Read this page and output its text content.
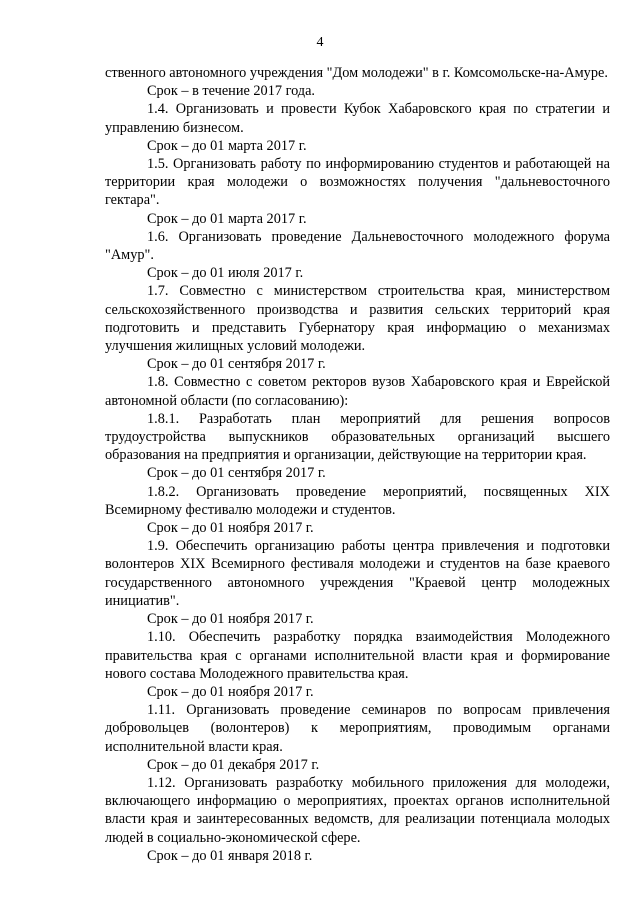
4

ственного автономного учреждения "Дом молодежи" в г. Комсомольске-на-Амуре.

Срок – в течение 2017 года.

1.4. Организовать и провести Кубок Хабаровского края по стратегии и управлению бизнесом.

Срок – до 01 марта 2017 г.

1.5. Организовать работу по информированию студентов и работающей на территории края молодежи о возможностях получения "дальневосточного гектара".

Срок – до 01 марта 2017 г.

1.6. Организовать проведение Дальневосточного молодежного форума "Амур".

Срок – до 01 июля 2017 г.

1.7. Совместно с министерством строительства края, министерством сельскохозяйственного производства и развития сельских территорий края подготовить и представить Губернатору края информацию о механизмах улучшения жилищных условий молодежи.

Срок – до 01 сентября 2017 г.

1.8. Совместно с советом ректоров вузов Хабаровского края и Еврейской автономной области (по согласованию):

1.8.1. Разработать план мероприятий для решения вопросов трудоустройства выпускников образовательных организаций высшего образования на предприятия и организации, действующие на территории края.

Срок – до 01 сентября 2017 г.

1.8.2. Организовать проведение мероприятий, посвященных XIX Всемирному фестивалю молодежи и студентов.

Срок – до 01 ноября 2017 г.

1.9. Обеспечить организацию работы центра привлечения и подготовки волонтеров XIX Всемирного фестиваля молодежи и студентов на базе краевого государственного автономного учреждения "Краевой центр молодежных инициатив".

Срок – до 01 ноября 2017 г.

1.10. Обеспечить разработку порядка взаимодействия Молодежного правительства края с органами исполнительной власти края и формирование нового состава Молодежного правительства края.

Срок – до 01 ноября 2017 г.

1.11. Организовать проведение семинаров по вопросам привлечения добровольцев (волонтеров) к мероприятиям, проводимым органами исполнительной власти края.

Срок – до 01 декабря 2017 г.

1.12. Организовать разработку мобильного приложения для молодежи, включающего информацию о мероприятиях, проектах органов исполнительной власти края и заинтересованных ведомств, для реализации потенциала молодых людей в социально-экономической сфере.

Срок – до 01 января 2018 г.
